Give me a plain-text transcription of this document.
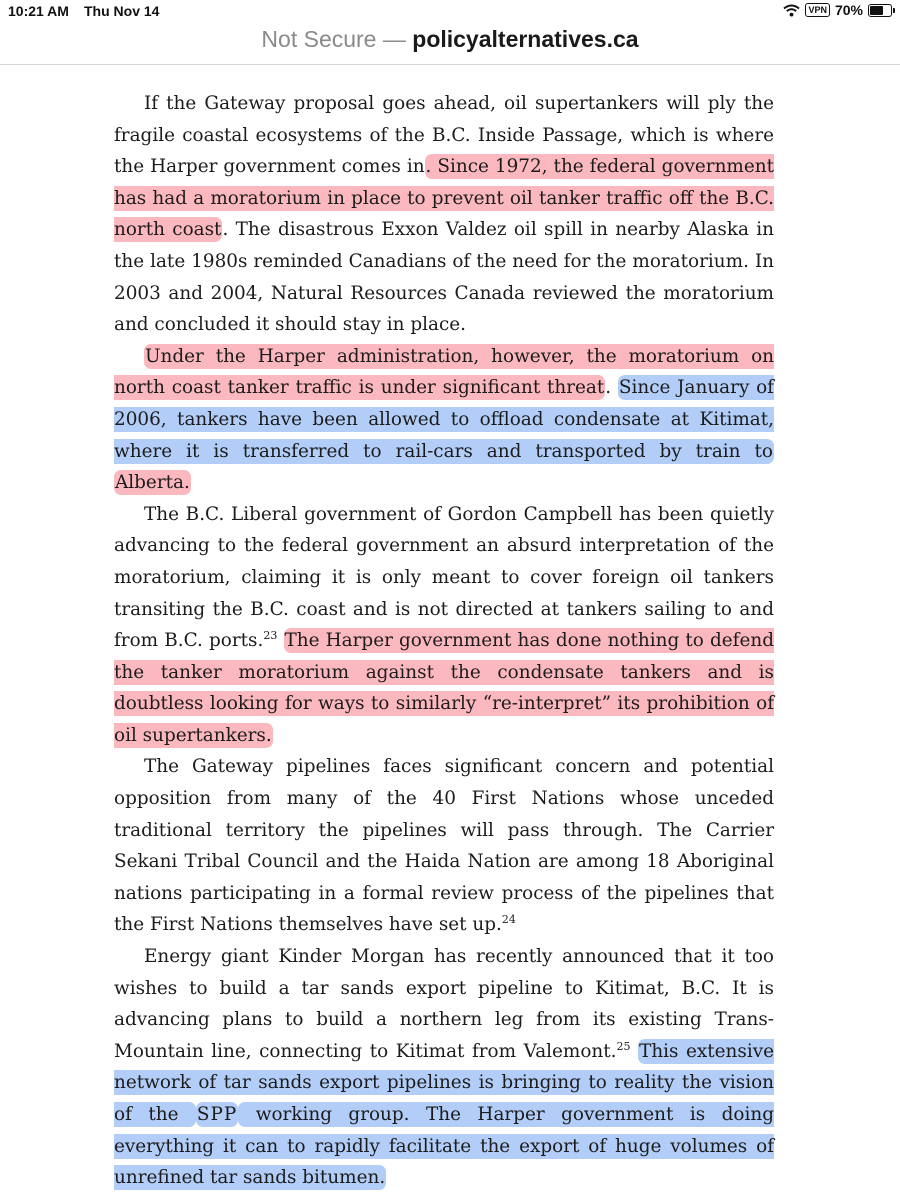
10:21 AM Thu Nov 14	VPN 70%
Not Secure — policyalternatives.ca

If the Gateway proposal goes ahead, oil supertankers will ply the fragile coastal ecosystems of the B.C. Inside Passage, which is where the Harper government comes in. Since 1972, the federal government has had a moratorium in place to prevent oil tanker traffic off the B.C. north coast. The disastrous Exxon Valdez oil spill in nearby Alaska in the late 1980s reminded Canadians of the need for the moratorium. In 2003 and 2004, Natural Resources Canada reviewed the moratorium and concluded it should stay in place.

Under the Harper administration, however, the moratorium on north coast tanker traffic is under significant threat. Since January of 2006, tankers have been allowed to offload condensate at Kitimat, where it is transferred to rail-cars and transported by train to Alberta.

The B.C. Liberal government of Gordon Campbell has been quietly advancing to the federal government an absurd interpretation of the moratorium, claiming it is only meant to cover foreign oil tankers transiting the B.C. coast and is not directed at tankers sailing to and from B.C. ports.$^{23}$ The Harper government has done nothing to defend the tanker moratorium against the condensate tankers and is doubtless looking for ways to similarly “re-interpret” its prohibition of oil supertankers.

The Gateway pipelines faces significant concern and potential opposition from many of the 40 First Nations whose unceded traditional territory the pipelines will pass through. The Carrier Sekani Tribal Council and the Haida Nation are among 18 Aboriginal nations participating in a formal review process of the pipelines that the First Nations themselves have set up.$^{24}$

Energy giant Kinder Morgan has recently announced that it too wishes to build a tar sands export pipeline to Kitimat, B.C. It is advancing plans to build a northern leg from its existing Trans-Mountain line, connecting to Kitimat from Valemont.$^{25}$ This extensive network of tar sands export pipelines is bringing to reality the vision of the SPP working group. The Harper government is doing everything it can to rapidly facilitate the export of huge volumes of unrefined tar sands bitumen.
